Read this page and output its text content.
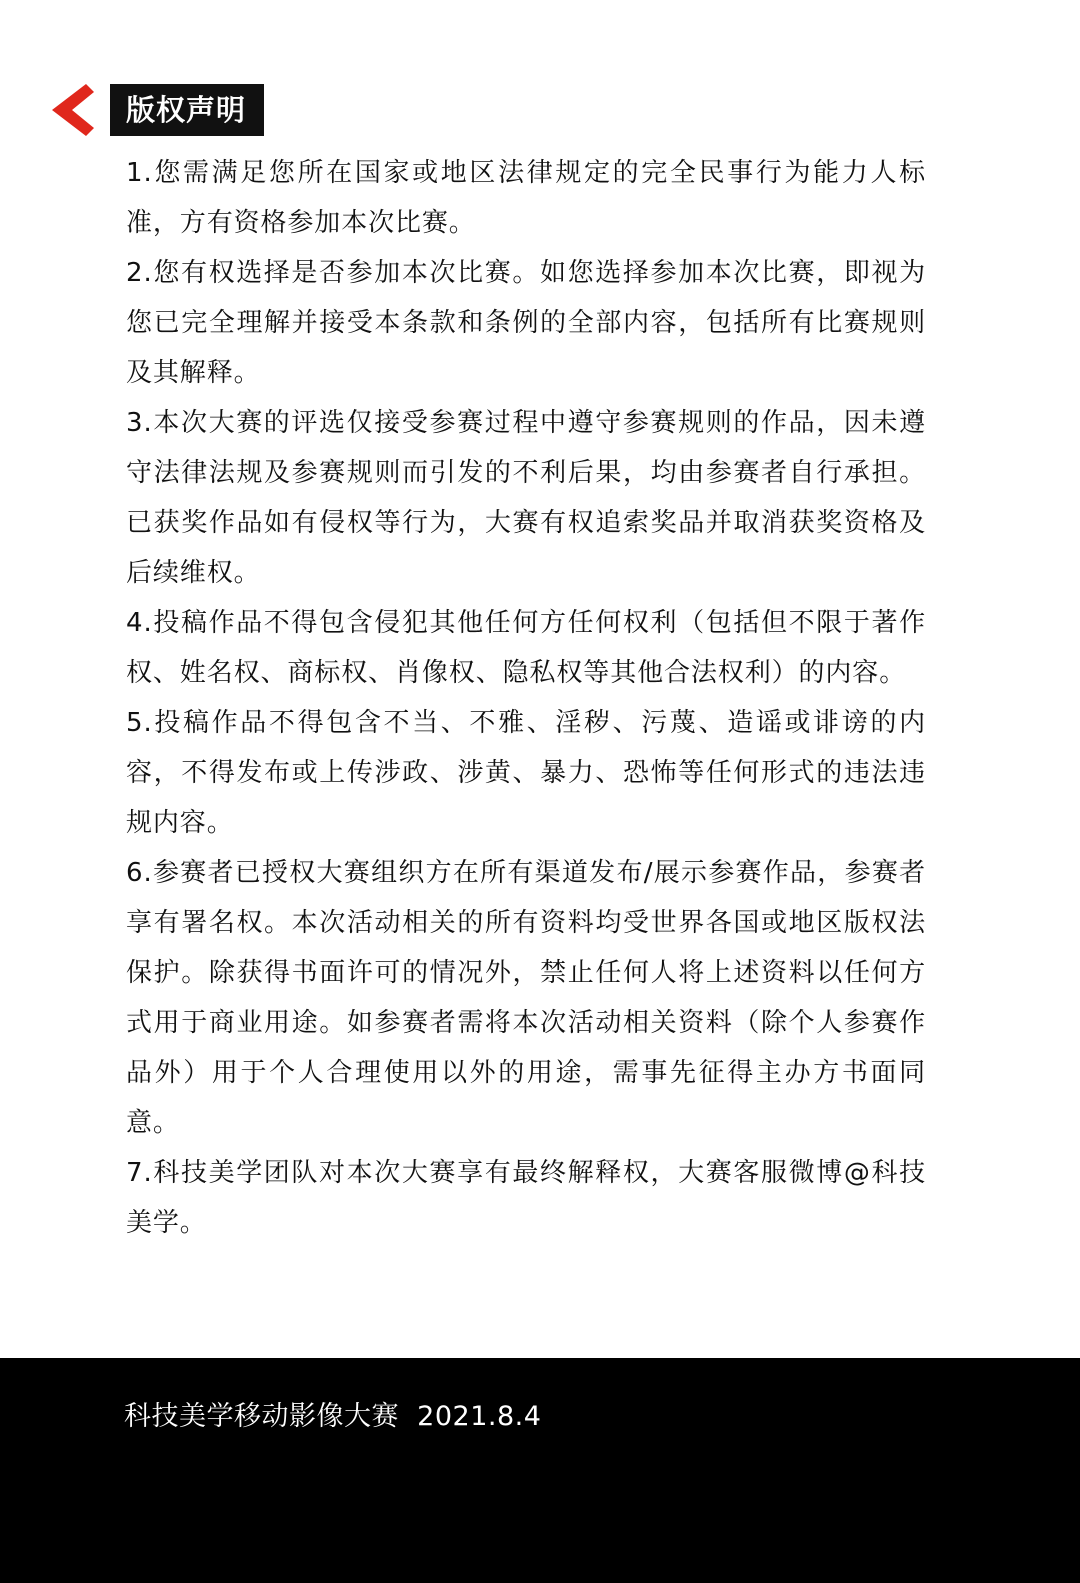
版权声明
1.您需满足您所在国家或地区法律规定的完全民事行为能力人标准，方有资格参加本次比赛。
2.您有权选择是否参加本次比赛。如您选择参加本次比赛，即视为您已完全理解并接受本条款和条例的全部内容，包括所有比赛规则及其解释。
3.本次大赛的评选仅接受参赛过程中遵守参赛规则的作品，因未遵守法律法规及参赛规则而引发的不利后果，均由参赛者自行承担。已获奖作品如有侵权等行为，大赛有权追索奖品并取消获奖资格及后续维权。
4.投稿作品不得包含侵犯其他任何方任何权利（包括但不限于著作权、姓名权、商标权、肖像权、隐私权等其他合法权利）的内容。
5.投稿作品不得包含不当、不雅、淫秽、污蔑、造谣或诽谤的内容，不得发布或上传涉政、涉黄、暴力、恐怖等任何形式的违法违规内容。
6.参赛者已授权大赛组织方在所有渠道发布/展示参赛作品，参赛者享有署名权。本次活动相关的所有资料均受世界各国或地区版权法保护。除获得书面许可的情况外，禁止任何人将上述资料以任何方式用于商业用途。如参赛者需将本次活动相关资料（除个人参赛作品外）用于个人合理使用以外的用途，需事先征得主办方书面同意。
7.科技美学团队对本次大赛享有最终解释权，大赛客服微博@科技美学。
科技美学移动影像大赛  2021.8.4
